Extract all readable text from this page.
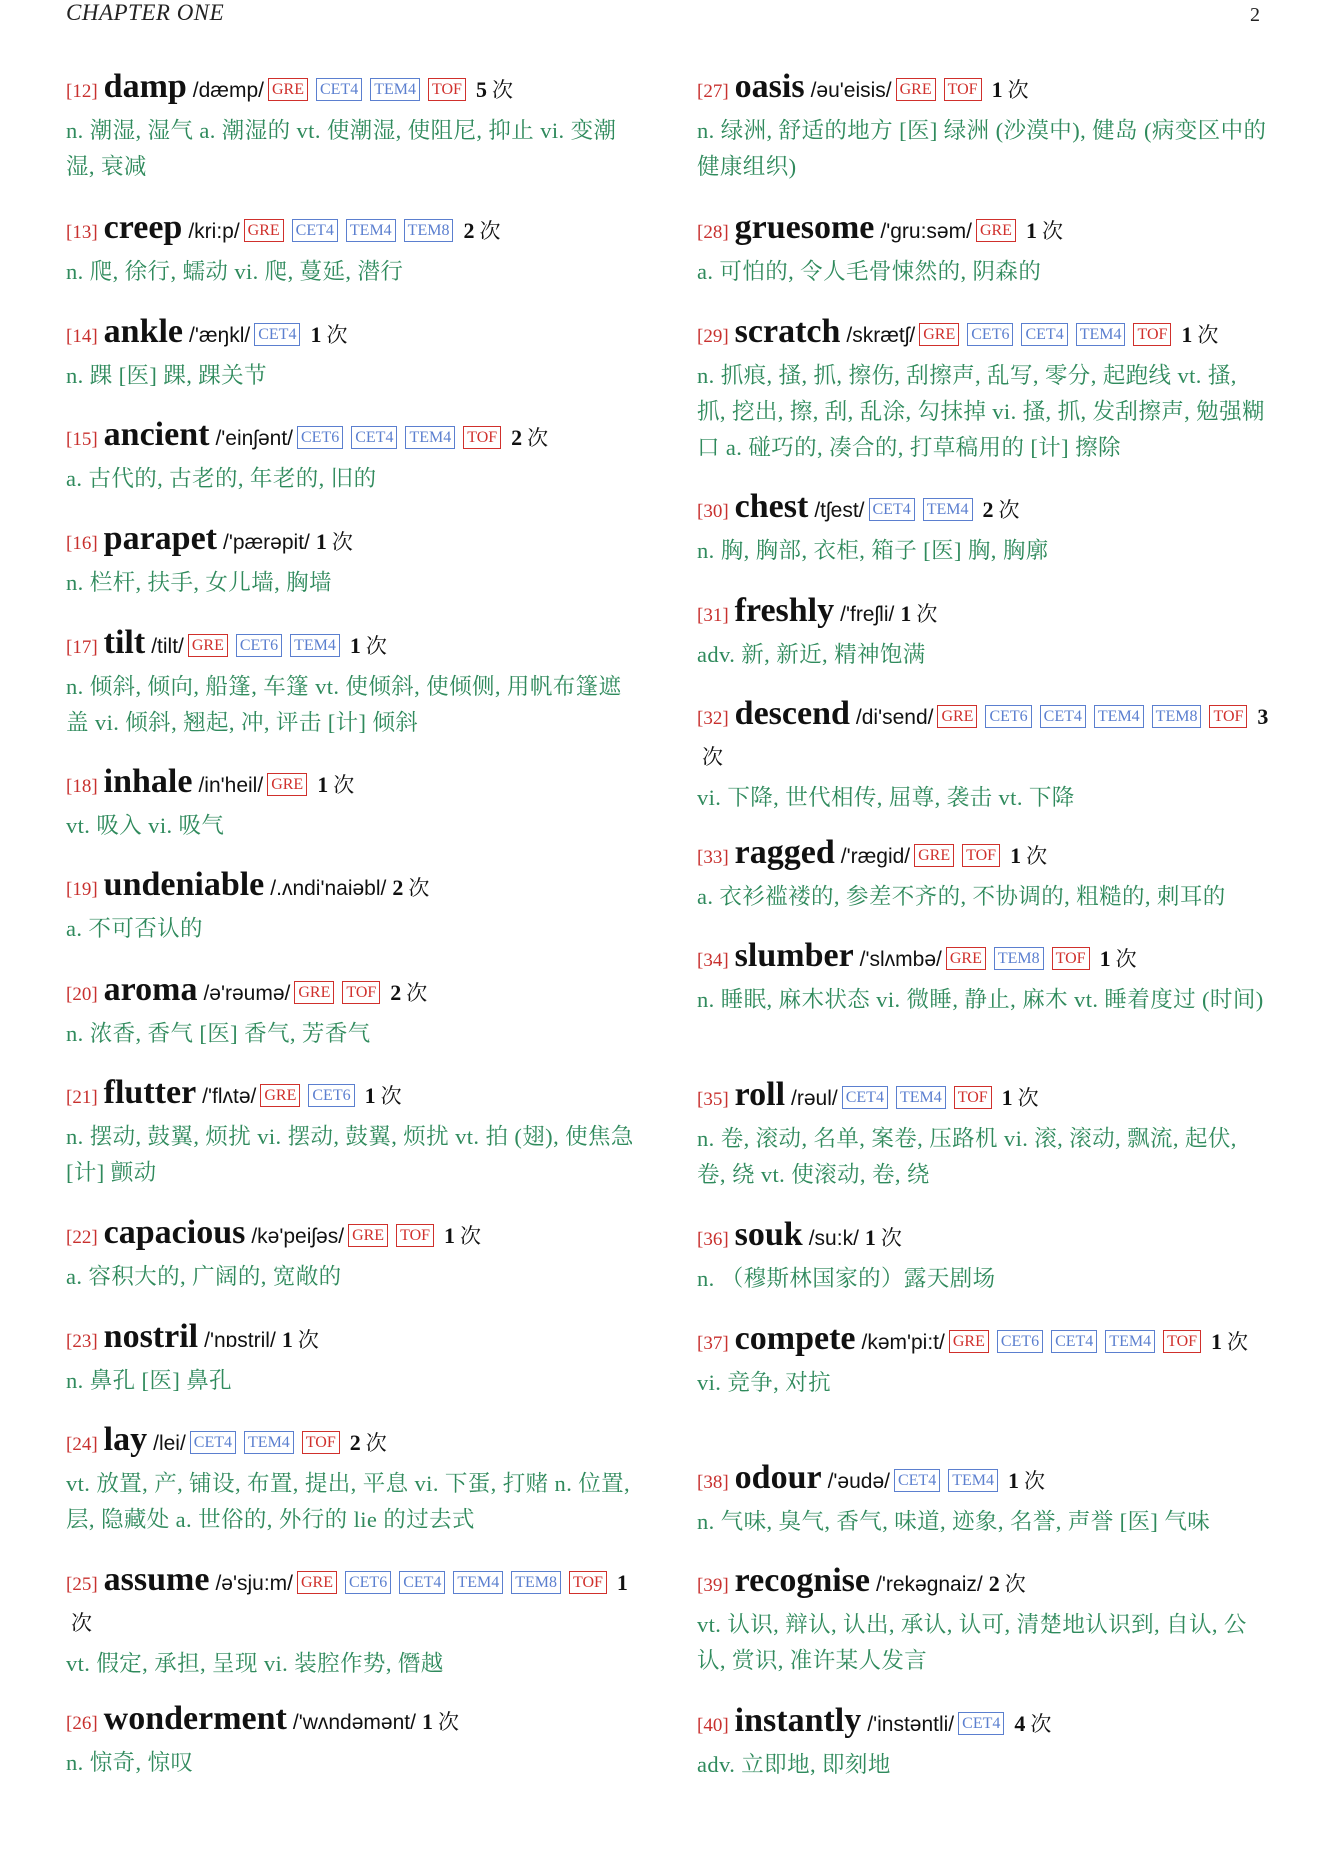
CHAPTER ONE	2
[12] damp /dæmp/ GRE CET4 TEM4 TOF 5 次
n. 潮湿, 湿气 a. 潮湿的 vt. 使潮湿, 使阻尼, 抑止 vi. 变潮湿, 衰减
[13] creep /kri:p/ GRE CET4 TEM4 TEM8 2 次
n. 爬, 徐行, 蠕动 vi. 爬, 蔓延, 潜行
[14] ankle /'æŋkl/ CET4 1 次
n. 踝 [医] 踝, 踝关节
[15] ancient /'einʃənt/ CET6 CET4 TEM4 TOF 2 次
a. 古代的, 古老的, 年老的, 旧的
[16] parapet /'pærəpit/ 1 次
n. 栏杆, 扶手, 女儿墙, 胸墙
[17] tilt /tilt/ GRE CET6 TEM4 1 次
n. 倾斜, 倾向, 船篷, 车篷 vt. 使倾斜, 使倾侧, 用帆布篷遮盖 vi. 倾斜, 翘起, 冲, 评击 [计] 倾斜
[18] inhale /in'heil/ GRE 1 次
vt. 吸入 vi. 吸气
[19] undeniable /.ʌndi'naiəbl/ 2 次
a. 不可否认的
[20] aroma /ə'rəumə/ GRE TOF 2 次
n. 浓香, 香气 [医] 香气, 芳香气
[21] flutter /'flʌtə/ GRE CET6 1 次
n. 摆动, 鼓翼, 烦扰 vi. 摆动, 鼓翼, 烦扰 vt. 拍 (翅), 使焦急 [计] 颤动
[22] capacious /kə'peiʃəs/ GRE TOF 1 次
a. 容积大的, 广阔的, 宽敞的
[23] nostril /'nɒstril/ 1 次
n. 鼻孔 [医] 鼻孔
[24] lay /lei/ CET4 TEM4 TOF 2 次
vt. 放置, 产, 铺设, 布置, 提出, 平息 vi. 下蛋, 打赌 n. 位置, 层, 隐藏处 a. 世俗的, 外行的 lie 的过去式
[25] assume /ə'sju:m/ GRE CET6 CET4 TEM4 TEM8 TOF 1次
vt. 假定, 承担, 呈现 vi. 装腔作势, 僭越
[26] wonderment /'wʌndəmənt/ 1 次
n. 惊奇, 惊叹
[27] oasis /əu'eisis/ GRE TOF 1 次
n. 绿洲, 舒适的地方 [医] 绿洲 (沙漠中), 健岛 (病变区中的健康组织)
[28] gruesome /'gru:səm/ GRE 1 次
a. 可怕的, 令人毛骨悚然的, 阴森的
[29] scratch /skrætʃ/ GRE CET6 CET4 TEM4 TOF 1 次
n. 抓痕, 搔, 抓, 擦伤, 刮擦声, 乱写, 零分, 起跑线 vt. 搔, 抓, 挖出, 擦, 刮, 乱涂, 勾抹掉 vi. 搔, 抓, 发刮擦声, 勉强糊口 a. 碰巧的, 凑合的, 打草稿用的 [计] 擦除
[30] chest /tʃest/ CET4 TEM4 2 次
n. 胸, 胸部, 衣柜, 箱子 [医] 胸, 胸廓
[31] freshly /'freʃli/ 1 次
adv. 新, 新近, 精神饱满
[32] descend /di'send/ GRE CET6 CET4 TEM4 TEM8 TOF 3次
vi. 下降, 世代相传, 屈尊, 袭击 vt. 下降
[33] ragged /'rægid/ GRE TOF 1 次
a. 衣衫褴褛的, 参差不齐的, 不协调的, 粗糙的, 刺耳的
[34] slumber /'slʌmbə/ GRE TEM8 TOF 1 次
n. 睡眠, 麻木状态 vi. 微睡, 静止, 麻木 vt. 睡着度过 (时间)
[35] roll /rəul/ CET4 TEM4 TOF 1 次
n. 卷, 滚动, 名单, 案卷, 压路机 vi. 滚, 滚动, 飘流, 起伏, 卷, 绕 vt. 使滚动, 卷, 绕
[36] souk /su:k/ 1 次
n. （穆斯林国家的）露天剧场
[37] compete /kəm'pi:t/ GRE CET6 CET4 TEM4 TOF 1 次
vi. 竞争, 对抗
[38] odour /'əudə/ CET4 TEM4 1 次
n. 气味, 臭气, 香气, 味道, 迹象, 名誉, 声誉 [医] 气味
[39] recognise /'rekəgnaiz/ 2 次
vt. 认识, 辩认, 认出, 承认, 认可, 清楚地认识到, 自认, 公认, 赏识, 准许某人发言
[40] instantly /'instəntli/ CET4 4 次
adv. 立即地, 即刻地
